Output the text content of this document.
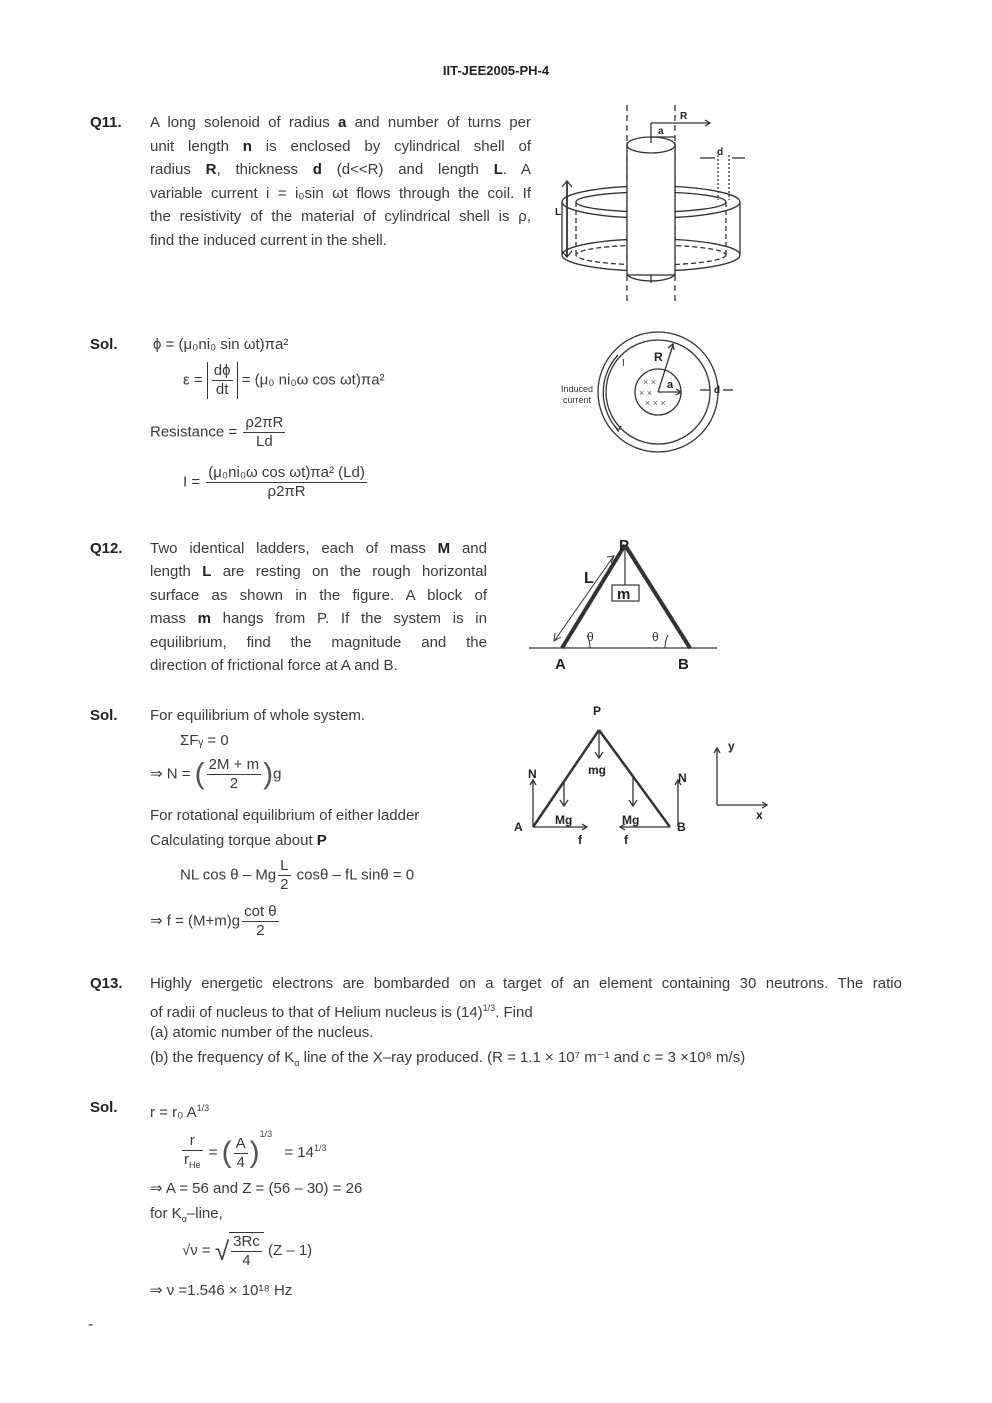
IIT-JEE2005-PH-4
Q11. A long solenoid of radius a and number of turns per
unit length n is enclosed by cylindrical shell of
radius R, thickness d (d<<R) and length L. A
variable current i = i₀sin ωt flows through the coil. If
the resistivity of the material of cylindrical shell is ρ,
find the induced current in the shell.
R
a
d
L
Sol. ϕ = (μ₀ni₀ sin ωt)πa²
$\varepsilon = \frac{d\phi}{dt} = (\mu_0$ ni₀ω cos ωt)πa²
Resistance = $\frac{\rho 2\pi R}{Ld}$
$I = \frac{\text{(μ₀ni₀ω cos ωt)πa² (Ld)}}{\rho 2\pi R}$
× ×
× ×
× × ×
R
a	d
I
Induced
current
Q12. Two identical ladders, each of mass M and
length L are resting on the rough horizontal
surface as shown in the figure. A block of
mass m hangs from P. If the system is in
equilibrium, find the magnitude and the
direction of frictional force at A and B.
P
L
m
θ	θ
A	B
Sol. For equilibrium of whole system.
ΣFᵧ = 0
⇒ N = ( $\frac{2M + m}{2} )g$
For rotational equilibrium of either ladder
Calculating torque about P
NL cos θ – Mg $\frac{L}{2}$ cosθ – fL sinθ = 0
⇒ $f = (M+m)g \frac{\text{cot θ}}{2}$
P
mg
N	N
Mg	Mg
A	B
f	f
y
x
Q13. Highly energetic electrons are bombarded on a target of an element containing 30 neutrons. The ratio
of radii of nucleus to that of Helium nucleus is $(14)^{1/3}$. Find
(a) atomic number of the nucleus.
(b) the frequency of $K_\alpha$ line of the X–ray produced. (R = 1.1 × 10⁷ m⁻¹ and c = 3 ×10⁸ m/s)
Sol. r = r₀ $A^{1/3}$
$\frac{r}{r_{He}}$ = ( $\frac{A}{4} )^{1/3} = 14^{1/3}$
⇒ A = 56 and Z = (56 – 30) = 26
for $K_\alpha$–line,
√ν = √ $\frac{3Rc}{4} (Z - 1)$
⇒ ν =1.546 × 10¹⁸ Hz
-
